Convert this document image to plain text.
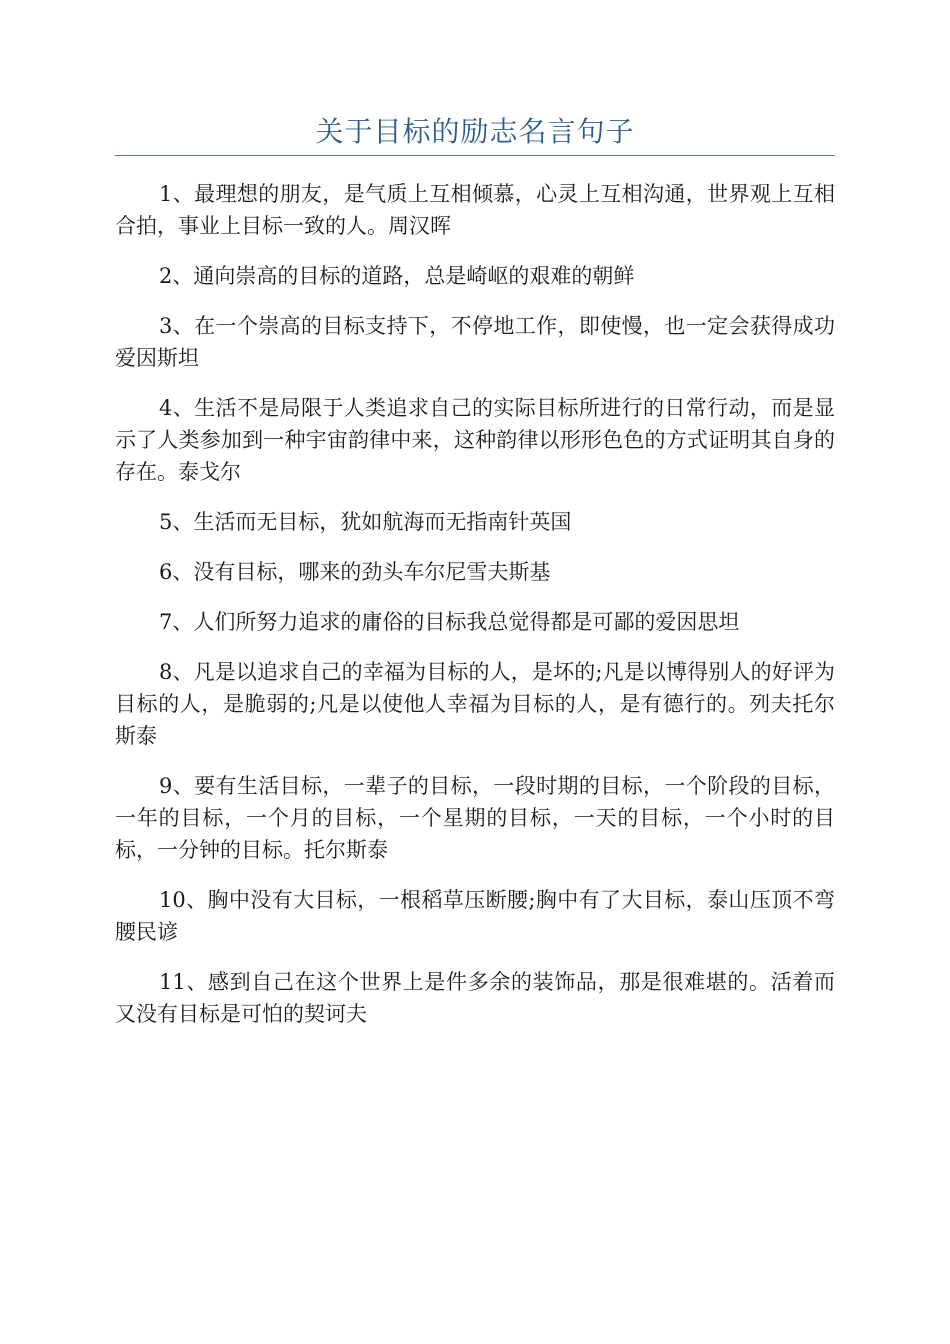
关于目标的励志名言句子

1、最理想的朋友，是气质上互相倾慕，心灵上互相沟通，世界观上互相合拍，事业上目标一致的人。周汉晖

2、通向崇高的目标的道路，总是崎岖的艰难的朝鲜

3、在一个崇高的目标支持下，不停地工作，即使慢，也一定会获得成功爱因斯坦

4、生活不是局限于人类追求自己的实际目标所进行的日常行动，而是显示了人类参加到一种宇宙韵律中来，这种韵律以形形色色的方式证明其自身的存在。泰戈尔

5、生活而无目标，犹如航海而无指南针英国

6、没有目标，哪来的劲头车尔尼雪夫斯基

7、人们所努力追求的庸俗的目标我总觉得都是可鄙的爱因思坦

8、凡是以追求自己的幸福为目标的人，是坏的;凡是以博得别人的好评为目标的人，是脆弱的;凡是以使他人幸福为目标的人，是有德行的。列夫托尔斯泰

9、要有生活目标，一辈子的目标，一段时期的目标，一个阶段的目标，一年的目标，一个月的目标，一个星期的目标，一天的目标，一个小时的目标，一分钟的目标。托尔斯泰

10、胸中没有大目标，一根稻草压断腰;胸中有了大目标，泰山压顶不弯腰民谚

11、感到自己在这个世界上是件多余的装饰品，那是很难堪的。活着而又没有目标是可怕的契诃夫
